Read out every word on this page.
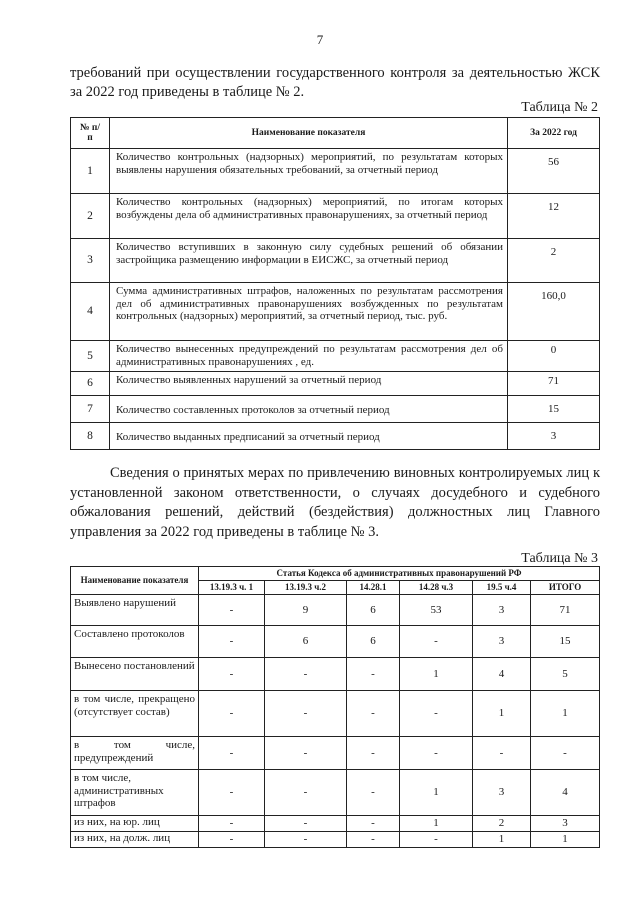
7
требований при осуществлении государственного контроля за деятельностью ЖСК за 2022 год приведены в таблице № 2.
Таблица № 2
№ п/п	Наименование показателя	За 2022 год
1	Количество контрольных (надзорных) мероприятий, по результатам которых выявлены нарушения обязательных требований, за отчетный период	56
2	Количество контрольных (надзорных) мероприятий, по итогам которых возбуждены дела об административных правонарушениях, за отчетный период	12
3	Количество вступивших в законную силу судебных решений об обязании застройщика размещению информации в ЕИСЖС, за отчетный период	2
4	Сумма административных штрафов, наложенных по результатам рассмотрения дел об административных правонарушениях возбужденных по результатам контрольных (надзорных) мероприятий, за отчетный период, тыс. руб.	160,0
5	Количество вынесенных предупреждений по результатам рассмотрения дел об административных правонарушениях , ед.	0
6	Количество выявленных нарушений за отчетный период	71
7	Количество составленных протоколов за отчетный период	15
8	Количество выданных предписаний за отчетный период	3
Сведения о принятых мерах по привлечению виновных контролируемых лиц к установленной законом ответственности, о случаях досудебного и судебного обжалования решений, действий (бездействия) должностных лиц Главного управления за 2022 год приведены в таблице № 3.
Таблица № 3
Наименование показателя	Статья Кодекса об административных правонарушений РФ					
	13.19.3 ч. 1	13.19.3 ч.2	14.28.1	14.28 ч.3	19.5 ч.4	ИТОГО
Выявлено нарушений	-	9	6	53	3	71
Составлено протоколов	-	6	6	-	3	15
Вынесено постановлений	-	-	-	1	4	5
в том числе, прекращено (отсутствует состав)	-	-	-	-	1	1
в том числе, предупреждений	-	-	-	-	-	-
в том числе, административных штрафов	-	-	-	1	3	4
из них, на юр. лиц	-	-	-	1	2	3
из них, на долж. лиц	-	-	-	-	1	1
